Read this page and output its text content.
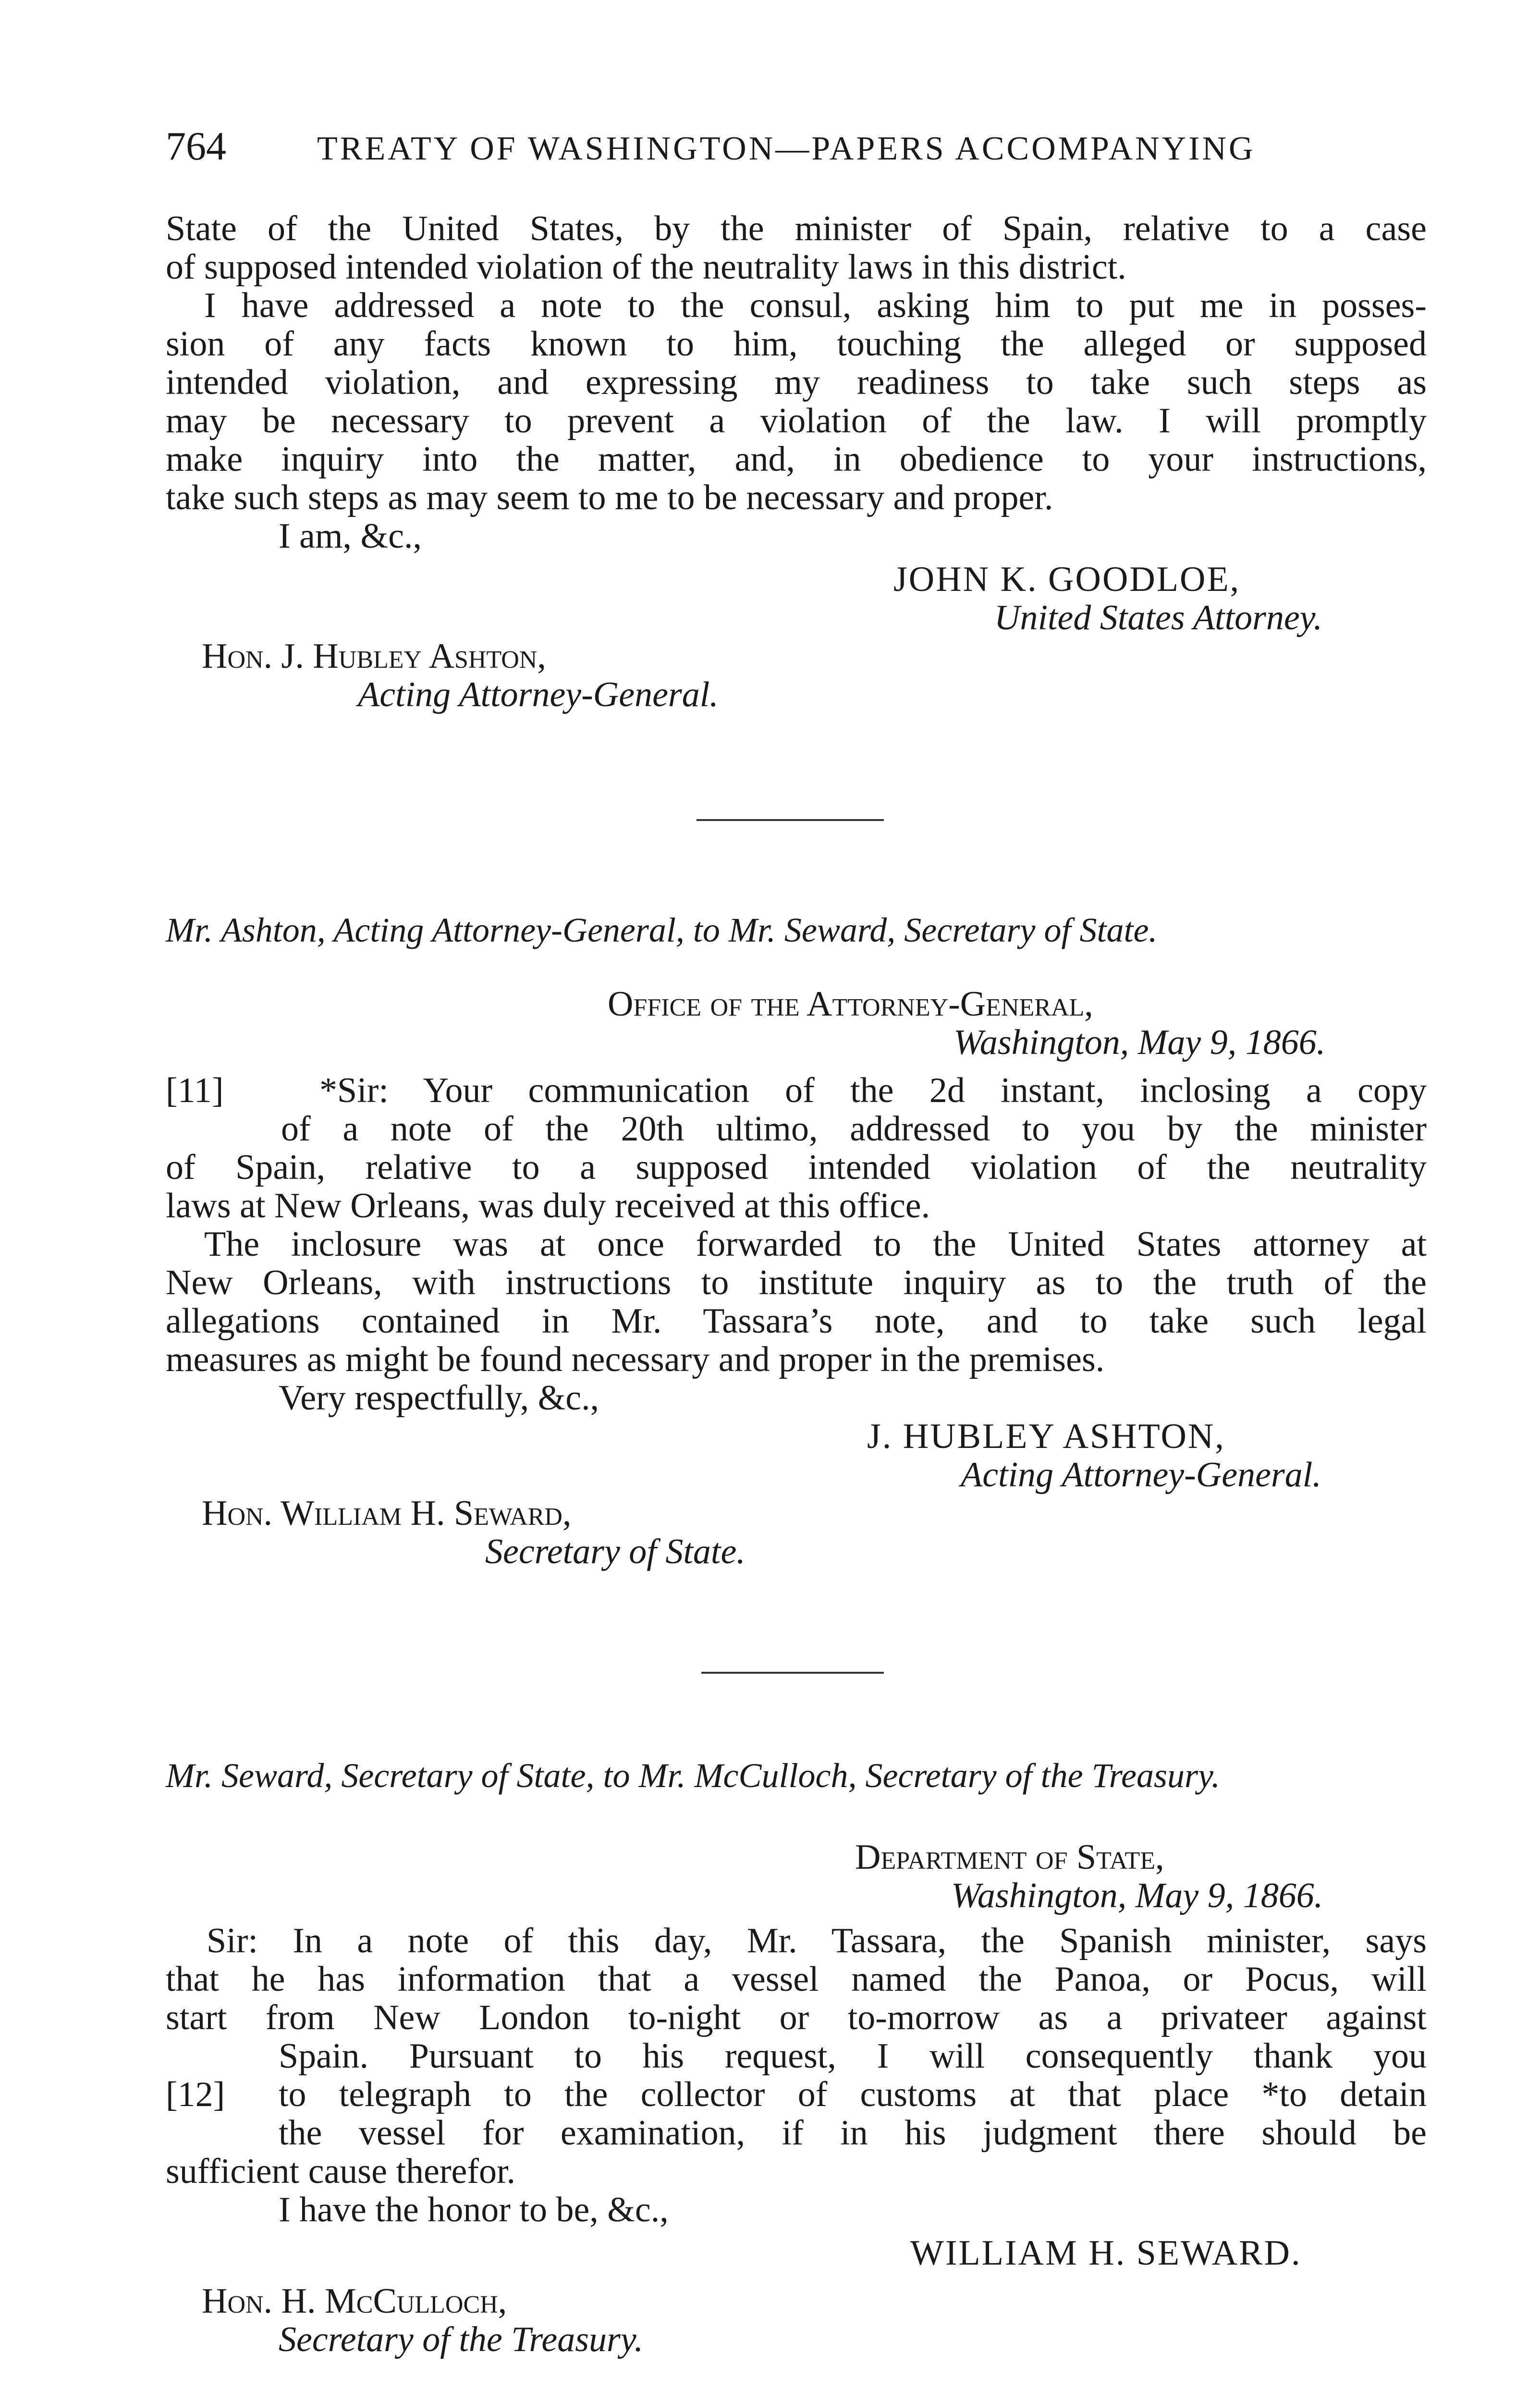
764	TREATY OF WASHINGTON—PAPERS ACCOMPANYING
State of the United States, by the minister of Spain, relative to a case
of supposed intended violation of the neutrality laws in this district.
I have addressed a note to the consul, asking him to put me in posses-
sion of any facts known to him, touching the alleged or supposed
intended violation, and expressing my readiness to take such steps as
may be necessary to prevent a violation of the law. I will promptly
make inquiry into the matter, and, in obedience to your instructions,
take such steps as may seem to me to be necessary and proper.
I am, &c.,
JOHN K. GOODLOE,
United States Attorney.
Hon. J. Hubley Ashton,
Acting Attorney-General.
Mr. Ashton, Acting Attorney-General, to Mr. Seward, Secretary of State.
Office of the Attorney-General,
Washington, May 9, 1866.
[11]	*Sir: Your communication of the 2d instant, inclosing a copy
of a note of the 20th ultimo, addressed to you by the minister
of Spain, relative to a supposed intended violation of the neutrality
laws at New Orleans, was duly received at this office.
The inclosure was at once forwarded to the United States attorney at
New Orleans, with instructions to institute inquiry as to the truth of the
allegations contained in Mr. Tassara’s note, and to take such legal
measures as might be found necessary and proper in the premises.
Very respectfully, &c.,
J. HUBLEY ASHTON,
Acting Attorney-General.
Hon. William H. Seward,
Secretary of State.
Mr. Seward, Secretary of State, to Mr. McCulloch, Secretary of the Treasury.
Department of State,
Washington, May 9, 1866.
Sir: In a note of this day, Mr. Tassara, the Spanish minister, says
that he has information that a vessel named the Panoa, or Pocus, will
start from New London to-night or to-morrow as a privateer against
Spain. Pursuant to his request, I will consequently thank you
[12] to telegraph to the collector of customs at that place *to detain
the vessel for examination, if in his judgment there should be
sufficient cause therefor.
I have the honor to be, &c.,
WILLIAM H. SEWARD.
Hon. H. McCulloch,
Secretary of the Treasury.
